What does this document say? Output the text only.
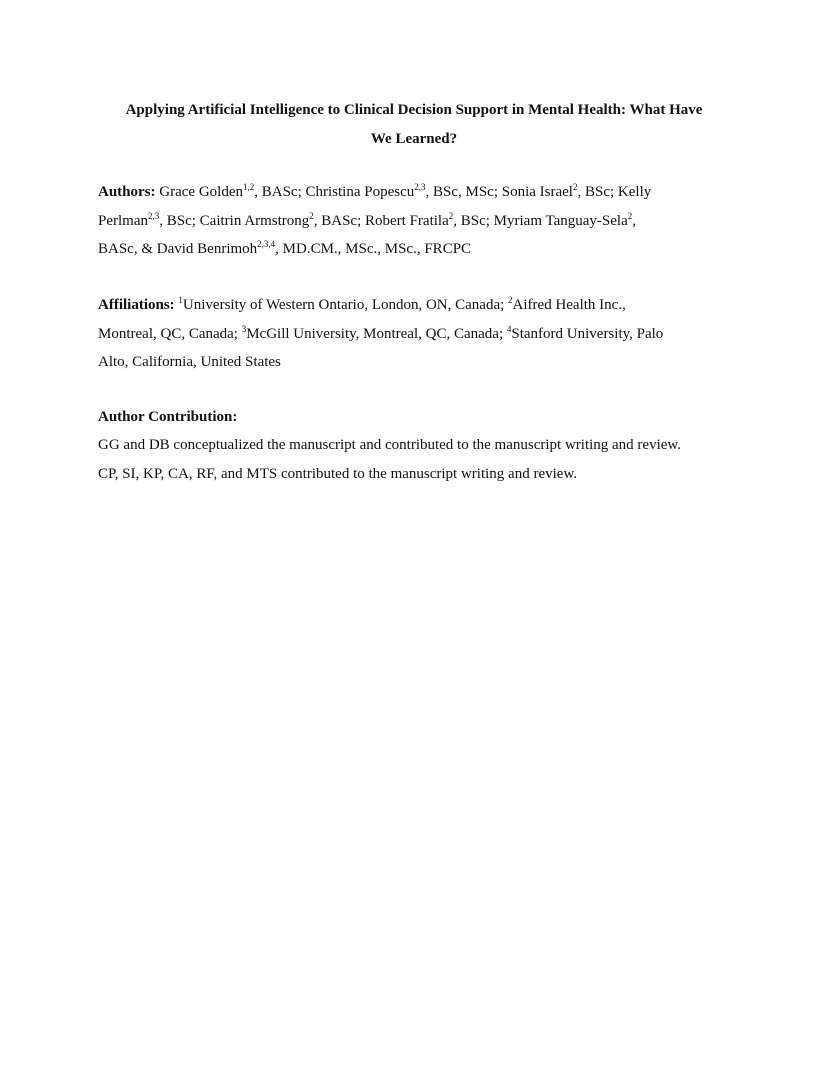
Applying Artificial Intelligence to Clinical Decision Support in Mental Health: What Have
We Learned?
Authors: Grace Golden$^{1,2}$, BASc; Christina Popescu$^{2,3}$, BSc, MSc; Sonia Israel$^2$, BSc; Kelly
Perlman$^{2,3}$, BSc; Caitrin Armstrong$^2$, BASc; Robert Fratila$^2$, BSc; Myriam Tanguay-Sela$^2$,
BASc, & David Benrimoh$^{2,3,4}$, MD.CM., MSc., MSc., FRCPC
Affiliations: $^1$University of Western Ontario, London, ON, Canada; $^2$Aifred Health Inc.,
Montreal, QC, Canada; $^3$McGill University, Montreal, QC, Canada; $^4$Stanford University, Palo
Alto, California, United States
Author Contribution:
GG and DB conceptualized the manuscript and contributed to the manuscript writing and review.
CP, SI, KP, CA, RF, and MTS contributed to the manuscript writing and review.
